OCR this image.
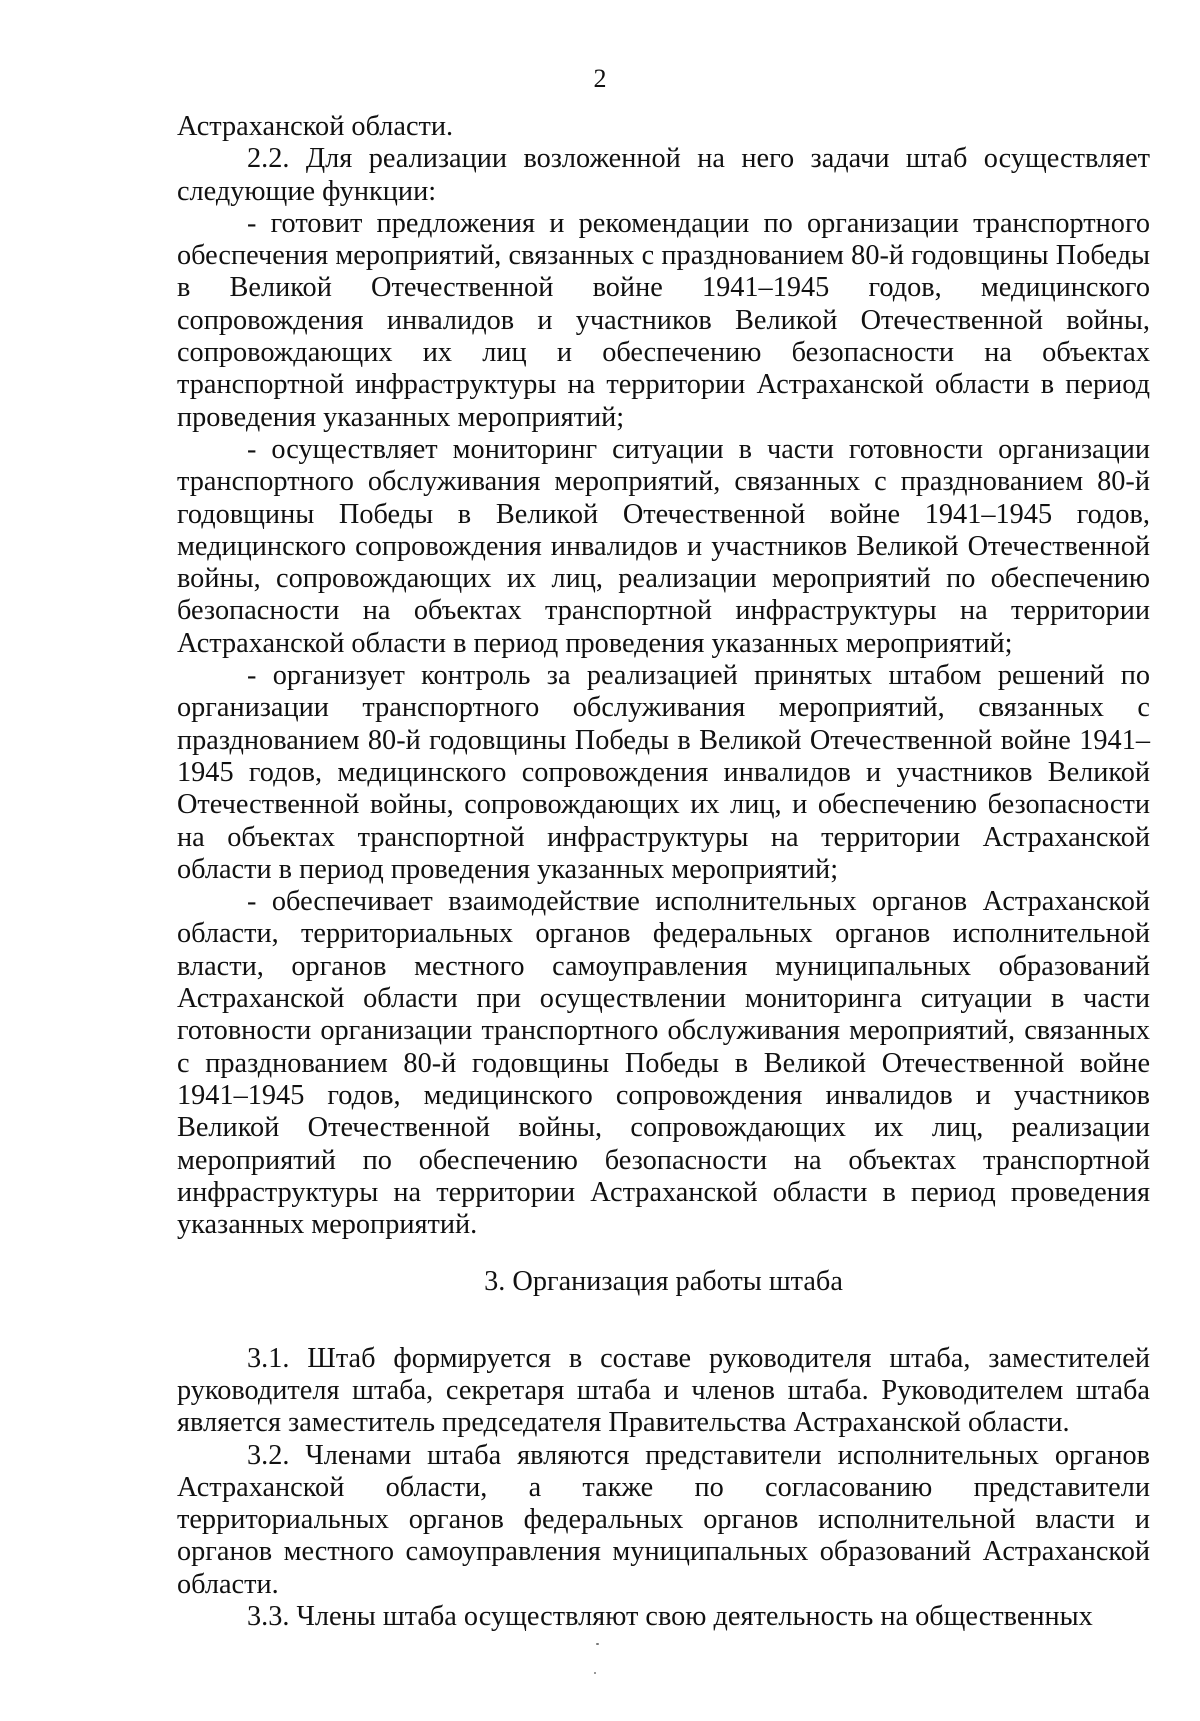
2

Астраханской области.

2.2. Для реализации возложенной на него задачи штаб осуществляет следующие функции:

- готовит предложения и рекомендации по организации транспортного обеспечения мероприятий, связанных с празднованием 80-й годовщины Победы в Великой Отечественной войне 1941–1945 годов, медицинского сопровождения инвалидов и участников Великой Отечественной войны, сопровождающих их лиц и обеспечению безопасности на объектах транспортной инфраструктуры на территории Астраханской области в период проведения указанных мероприятий;

- осуществляет мониторинг ситуации в части готовности организации транспортного обслуживания мероприятий, связанных с празднованием 80-й годовщины Победы в Великой Отечественной войне 1941–1945 годов, медицинского сопровождения инвалидов и участников Великой Отечественной войны, сопровождающих их лиц, реализации мероприятий по обеспечению безопасности на объектах транспортной инфраструктуры на территории Астраханской области в период проведения указанных мероприятий;

- организует контроль за реализацией принятых штабом решений по организации транспортного обслуживания мероприятий, связанных с празднованием 80-й годовщины Победы в Великой Отечественной войне 1941–1945 годов, медицинского сопровождения инвалидов и участников Великой Отечественной войны, сопровождающих их лиц, и обеспечению безопасности на объектах транспортной инфраструктуры на территории Астраханской области в период проведения указанных мероприятий;

- обеспечивает взаимодействие исполнительных органов Астраханской области, территориальных органов федеральных органов исполнительной власти, органов местного самоуправления муниципальных образований Астраханской области при осуществлении мониторинга ситуации в части готовности организации транспортного обслуживания мероприятий, связанных с празднованием 80-й годовщины Победы в Великой Отечественной войне 1941–1945 годов, медицинского сопровождения инвалидов и участников Великой Отечественной войны, сопровождающих их лиц, реализации мероприятий по обеспечению безопасности на объектах транспортной инфраструктуры на территории Астраханской области в период проведения указанных мероприятий.

3. Организация работы штаба

3.1. Штаб формируется в составе руководителя штаба, заместителей руководителя штаба, секретаря штаба и членов штаба. Руководителем штаба является заместитель председателя Правительства Астраханской области.

3.2. Членами штаба являются представители исполнительных органов Астраханской области, а также по согласованию представители территориальных органов федеральных органов исполнительной власти и органов местного самоуправления муниципальных образований Астраханской области.

3.3. Члены штаба осуществляют свою деятельность на общественных
